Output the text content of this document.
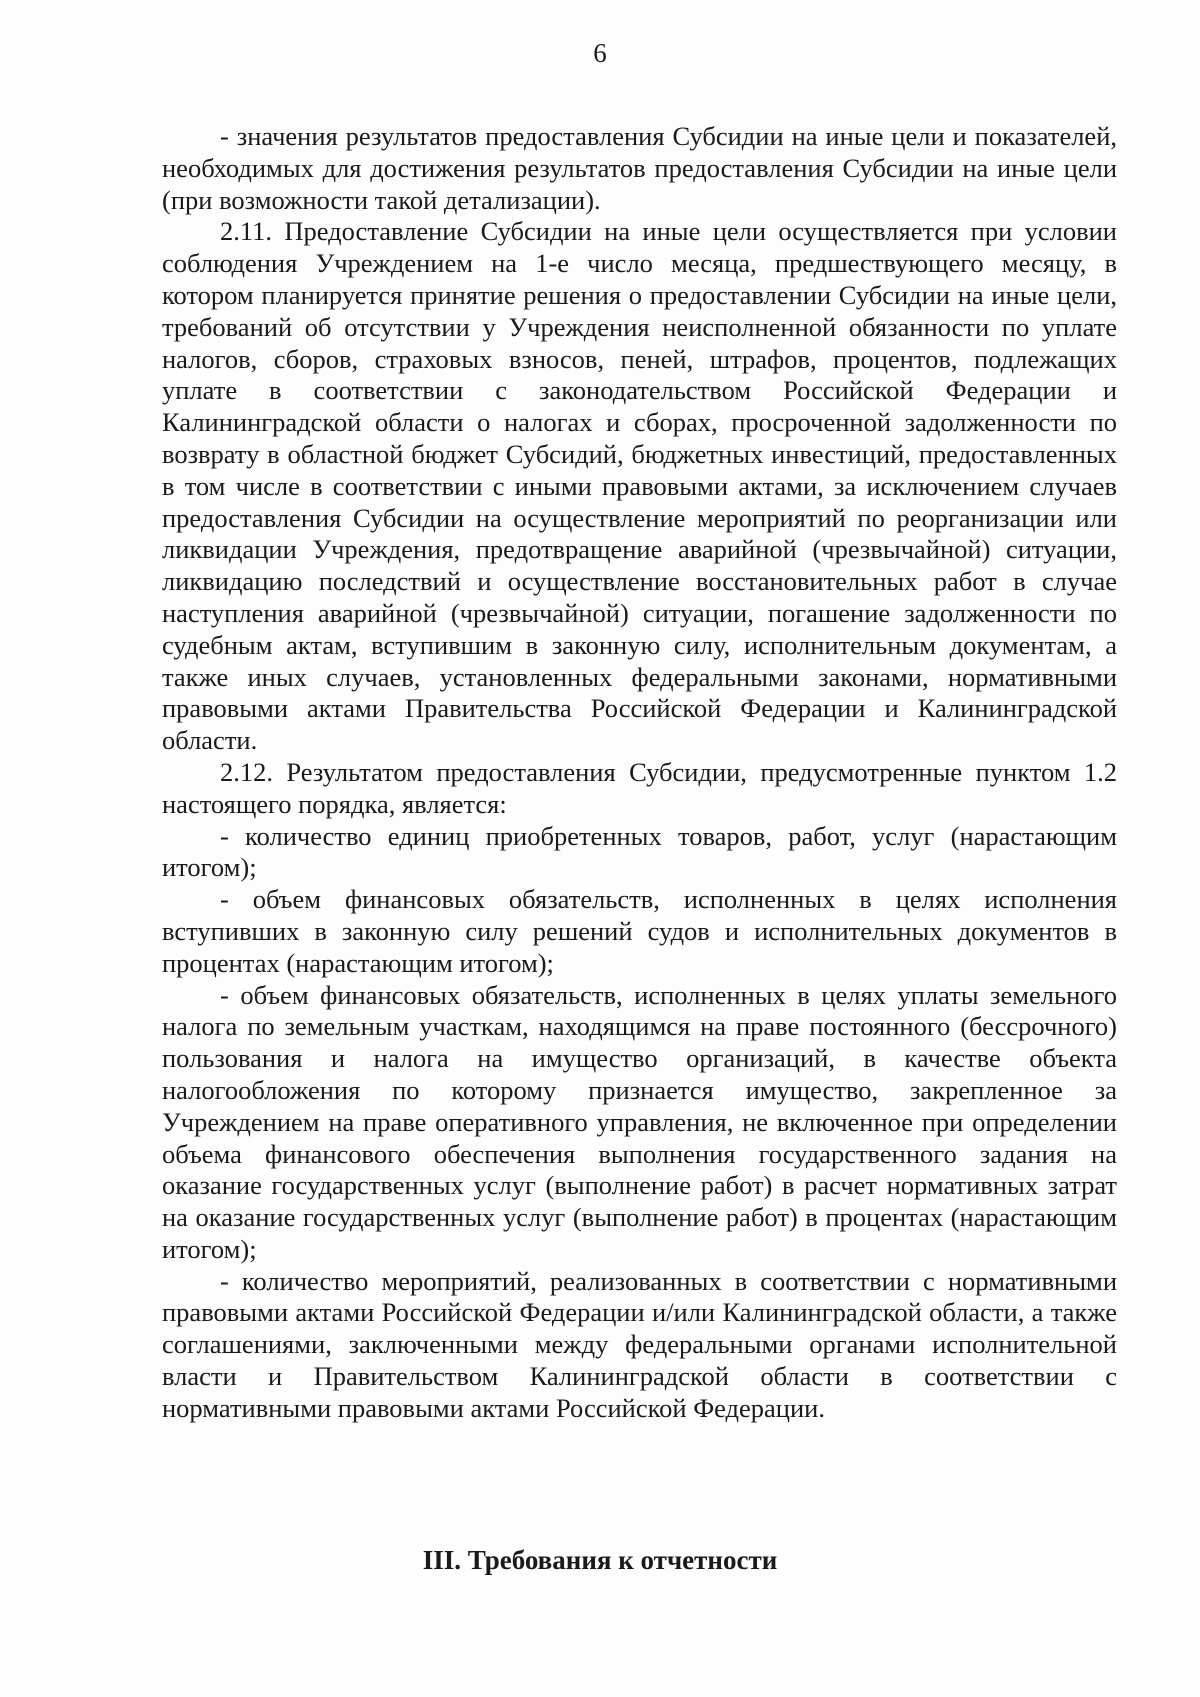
6

- значения результатов предоставления Субсидии на иные цели и показателей, необходимых для достижения результатов предоставления Субсидии на иные цели (при возможности такой детализации).

2.11. Предоставление Субсидии на иные цели осуществляется при условии соблюдения Учреждением на 1-е число месяца, предшествующего месяцу, в котором планируется принятие решения о предоставлении Субсидии на иные цели, требований об отсутствии у Учреждения неисполненной обязанности по уплате налогов, сборов, страховых взносов, пеней, штрафов, процентов, подлежащих уплате в соответствии с законодательством Российской Федерации и Калининградской области о налогах и сборах, просроченной задолженности по возврату в областной бюджет Субсидий, бюджетных инвестиций, предоставленных в том числе в соответствии с иными правовыми актами, за исключением случаев предоставления Субсидии на осуществление мероприятий по реорганизации или ликвидации Учреждения, предотвращение аварийной (чрезвычайной) ситуации, ликвидацию последствий и осуществление восстановительных работ в случае наступления аварийной (чрезвычайной) ситуации, погашение задолженности по судебным актам, вступившим в законную силу, исполнительным документам, а также иных случаев, установленных федеральными законами, нормативными правовыми актами Правительства Российской Федерации и Калининградской области.

2.12. Результатом предоставления Субсидии, предусмотренные пунктом 1.2 настоящего порядка, является:

- количество единиц приобретенных товаров, работ, услуг (нарастающим итогом);

- объем финансовых обязательств, исполненных в целях исполнения вступивших в законную силу решений судов и исполнительных документов в процентах (нарастающим итогом);

- объем финансовых обязательств, исполненных в целях уплаты земельного налога по земельным участкам, находящимся на праве постоянного (бессрочного) пользования и налога на имущество организаций, в качестве объекта налогообложения по которому признается имущество, закрепленное за Учреждением на праве оперативного управления, не включенное при определении объема финансового обеспечения выполнения государственного задания на оказание государственных услуг (выполнение работ) в расчет нормативных затрат на оказание государственных услуг (выполнение работ) в процентах (нарастающим итогом);

- количество мероприятий, реализованных в соответствии с нормативными правовыми актами Российской Федерации и/или Калининградской области, а также соглашениями, заключенными между федеральными органами исполнительной власти и Правительством Калининградской области в соответствии с нормативными правовыми актами Российской Федерации.

III. Требования к отчетности
